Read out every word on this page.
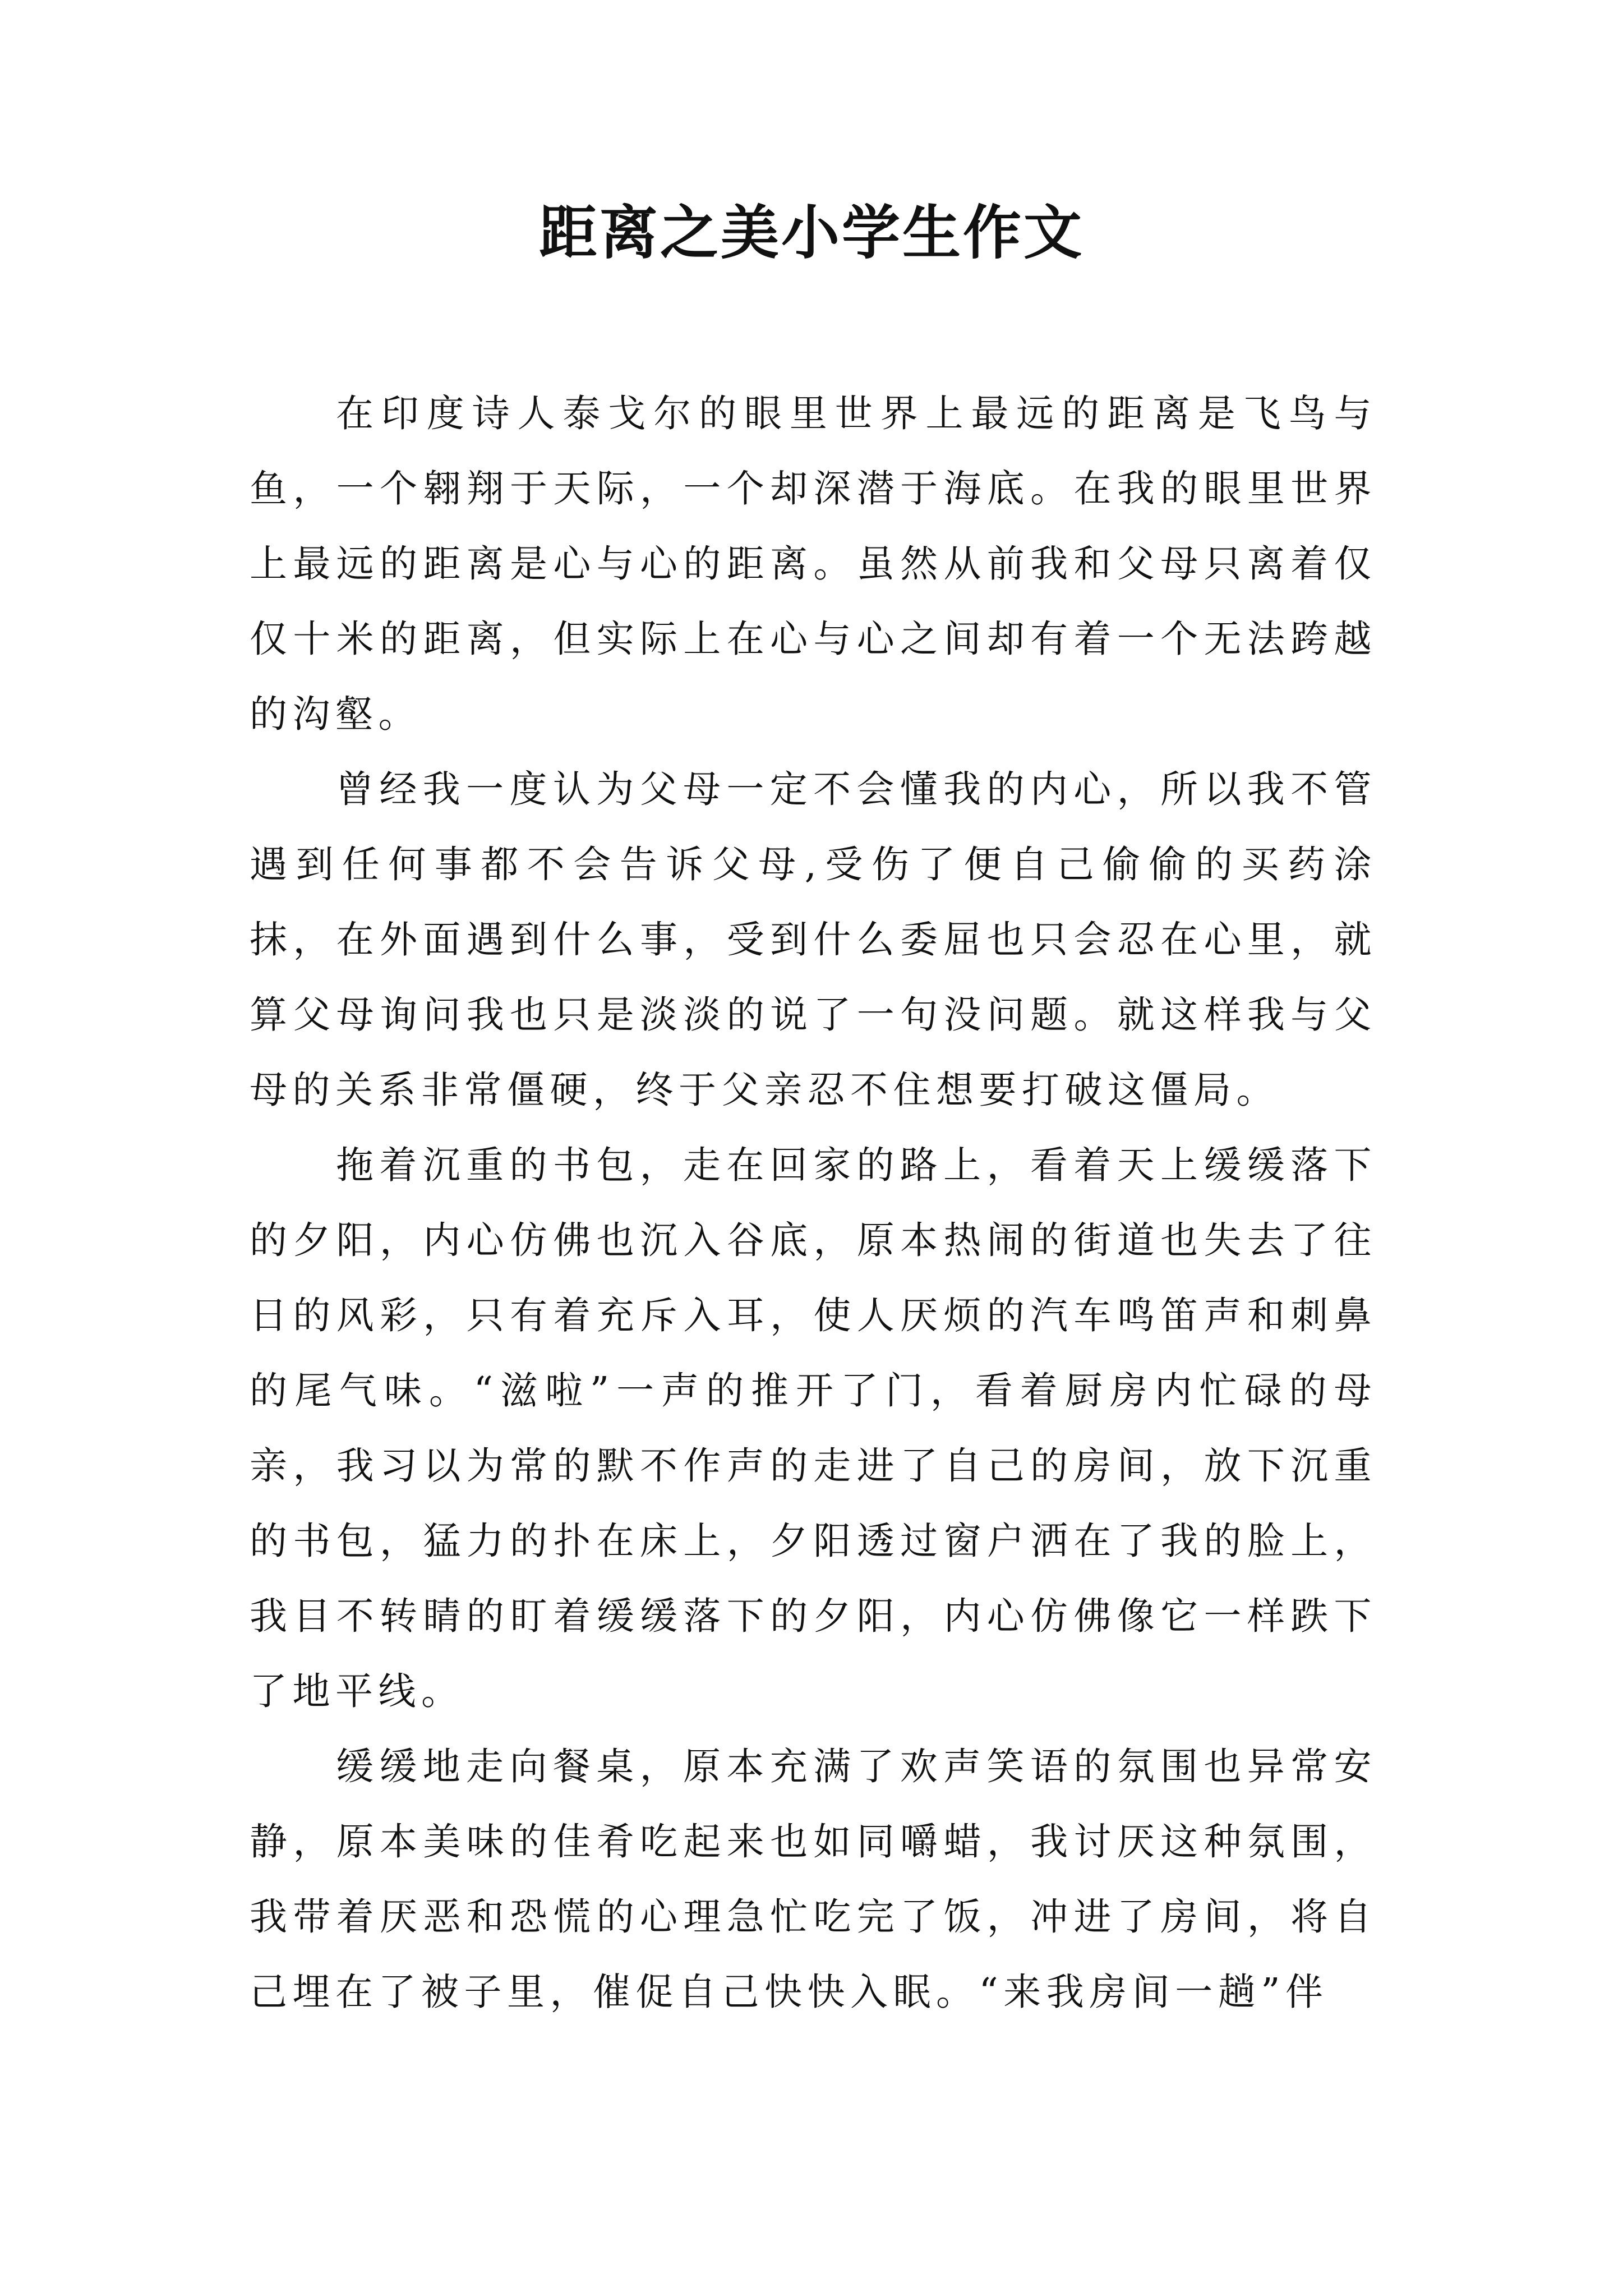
距离之美小学生作文

在印度诗人泰戈尔的眼里世界上最远的距离是飞鸟与鱼，一个翱翔于天际，一个却深潜于海底。在我的眼里世界上最远的距离是心与心的距离。虽然从前我和父母只离着仅仅十米的距离，但实际上在心与心之间却有着一个无法跨越的沟壑。

曾经我一度认为父母一定不会懂我的内心，所以我不管遇到任何事都不会告诉父母,受伤了便自己偷偷的买药涂抹，在外面遇到什么事，受到什么委屈也只会忍在心里，就算父母询问我也只是淡淡的说了一句没问题。就这样我与父母的关系非常僵硬，终于父亲忍不住想要打破这僵局。

拖着沉重的书包，走在回家的路上，看着天上缓缓落下的夕阳，内心仿佛也沉入谷底，原本热闹的街道也失去了往日的风彩，只有着充斥入耳，使人厌烦的汽车鸣笛声和刺鼻的尾气味。“滋啦”一声的推开了门，看着厨房内忙碌的母亲，我习以为常的默不作声的走进了自己的房间，放下沉重的书包，猛力的扑在床上，夕阳透过窗户洒在了我的脸上，我目不转睛的盯着缓缓落下的夕阳，内心仿佛像它一样跌下了地平线。

缓缓地走向餐桌，原本充满了欢声笑语的氛围也异常安静，原本美味的佳肴吃起来也如同嚼蜡，我讨厌这种氛围，我带着厌恶和恐慌的心理急忙吃完了饭，冲进了房间，将自己埋在了被子里，催促自己快快入眠。“来我房间一趟”伴
